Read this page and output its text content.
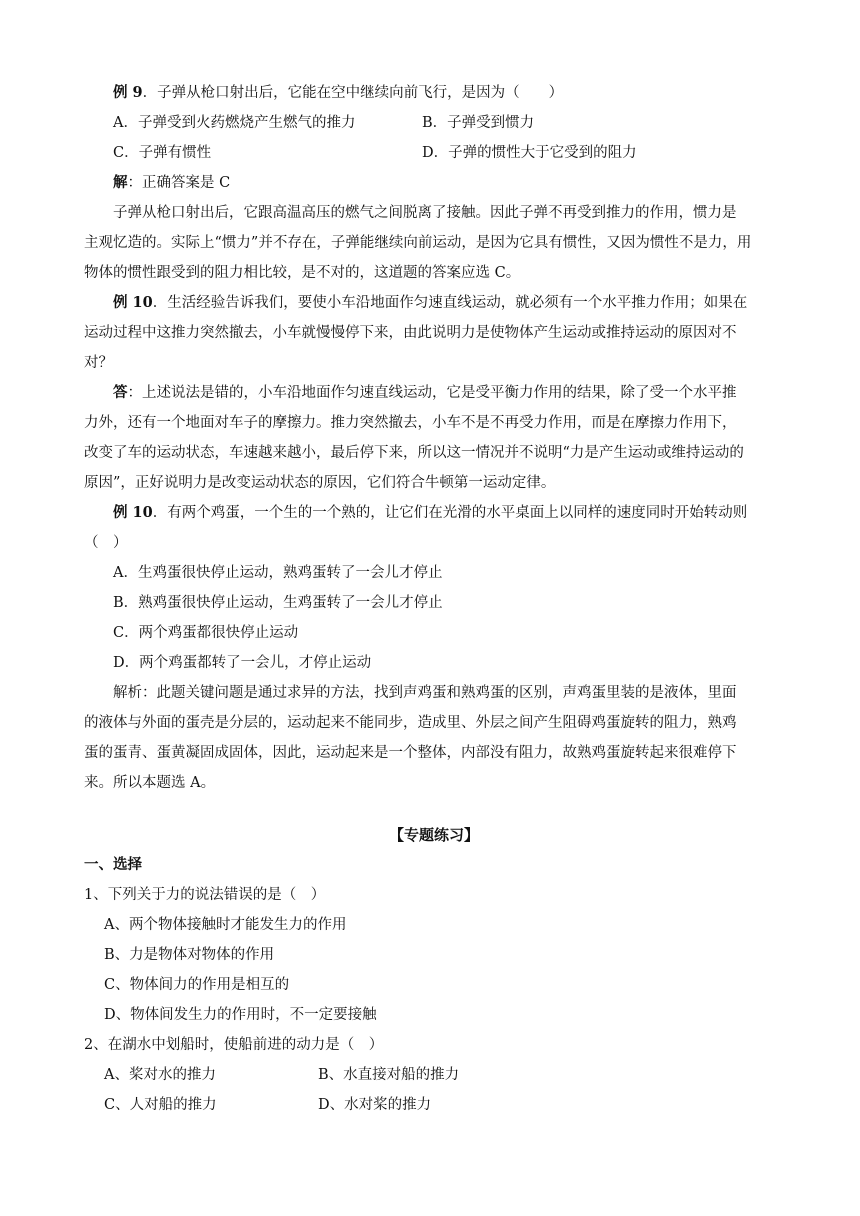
例 9．子弹从枪口射出后，它能在空中继续向前飞行，是因为（　　）
A．子弹受到火药燃烧产生燃气的推力	B．子弹受到惯力
C．子弹有惯性	D．子弹的惯性大于它受到的阻力
解：正确答案是 C
子弹从枪口射出后，它跟高温高压的燃气之间脱离了接触。因此子弹不再受到推力的作用，惯力是
主观忆造的。实际上“惯力”并不存在，子弹能继续向前运动，是因为它具有惯性，又因为惯性不是力，用
物体的惯性跟受到的阻力相比较，是不对的，这道题的答案应选 C。
例 10．生活经验告诉我们，要使小车沿地面作匀速直线运动，就必须有一个水平推力作用；如果在
运动过程中这推力突然撤去，小车就慢慢停下来，由此说明力是使物体产生运动或推持运动的原因对不
对？
答：上述说法是错的，小车沿地面作匀速直线运动，它是受平衡力作用的结果，除了受一个水平推
力外，还有一个地面对车子的摩擦力。推力突然撤去，小车不是不再受力作用，而是在摩擦力作用下，
改变了车的运动状态，车速越来越小，最后停下来，所以这一情况并不说明“力是产生运动或维持运动的
原因”，正好说明力是改变运动状态的原因，它们符合牛顿第一运动定律。
例 10．有两个鸡蛋，一个生的一个熟的，让它们在光滑的水平桌面上以同样的速度同时开始转动则
（　）
A．生鸡蛋很快停止运动，熟鸡蛋转了一会儿才停止
B．熟鸡蛋很快停止运动，生鸡蛋转了一会儿才停止
C．两个鸡蛋都很快停止运动
D．两个鸡蛋都转了一会儿，才停止运动
解析：此题关键问题是通过求异的方法，找到声鸡蛋和熟鸡蛋的区别，声鸡蛋里装的是液体，里面
的液体与外面的蛋壳是分层的，运动起来不能同步，造成里、外层之间产生阻碍鸡蛋旋转的阻力，熟鸡
蛋的蛋青、蛋黄凝固成固体，因此，运动起来是一个整体，内部没有阻力，故熟鸡蛋旋转起来很难停下
来。所以本题选 A。
【专题练习】
一、选择
1、下列关于力的说法错误的是（　）
A、两个物体接触时才能发生力的作用
B、力是物体对物体的作用
C、物体间力的作用是相互的
D、物体间发生力的作用时，不一定要接触
2、在湖水中划船时，使船前进的动力是（　）
A、桨对水的推力	B、水直接对船的推力
C、人对船的推力	D、水对桨的推力
